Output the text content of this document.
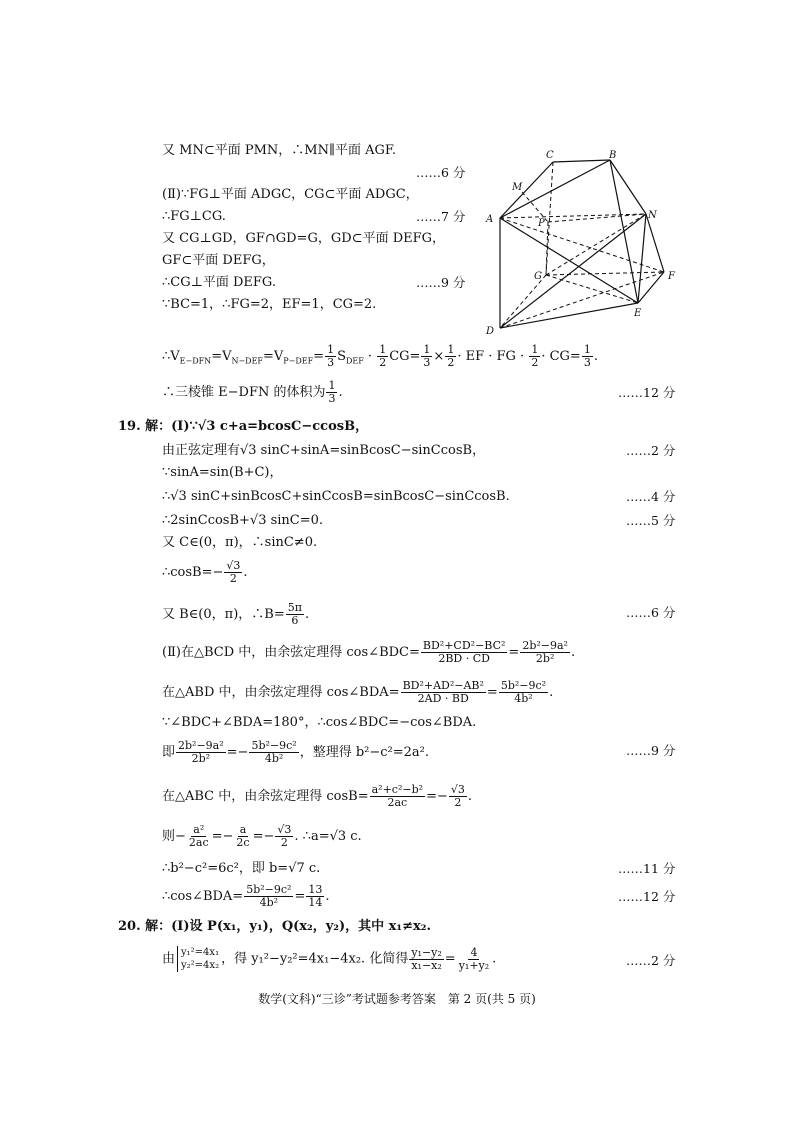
又 MN⊂平面 PMN，∴MN∥平面 AGF.
……6 分
(Ⅱ)∵FG⊥平面 ADGC，CG⊂平面 ADGC，
∴FG⊥CG.	……7 分
又 CG⊥GD，GF∩GD=G，GD⊂平面 DEFG，
GF⊂平面 DEFG，
∴CG⊥平面 DEFG.	……9 分
∵BC=1，∴FG=2，EF=1，CG=2.
$\therefore V_{E-DFN}=V_{N-DEF}=V_{P-DEF}= \frac{1}{3} S_{DEF} \cdot \frac{1}{2} CG= \frac{1}{3} \times \frac{1}{2}$ · EF · FG · $\frac{1}{2} \cdot CG= \frac{1}{3}$ .
∴三棱锥 E−DFN 的体积为 $\frac{1}{3}$ .	……12 分
C	B
M
A	P
N
G	F
E
D
19. 解：(Ⅰ)∵√3 c+a=bcosC−ccosB，
由正弦定理有√3 sinC+sinA=sinBcosC−sinCcosB，	……2 分
∵sinA=sin(B+C)，
∴√3 sinC+sinBcosC+sinCcosB=sinBcosC−sinCcosB.	……4 分
∴2sinCcosB+√3 sinC=0.	……5 分
又 C∈(0，π)，∴sinC≠0.
∴cosB=− $\frac{√3}{2}$ .
又 B∈(0，π)，∴B= $\frac{5\pi}{6}$ .	……6 分
(Ⅱ)在△BCD 中，由余弦定理得 cos∠BDC= $\frac{\text{BD²+CD²−BC²}}{2BD \cdot CD} = \frac{\text{2b²−9a²}}{\text{2b²}}$ .
在△ABD 中，由余弦定理得 cos∠BDA= $\frac{\text{BD²+AD²−AB²}}{2AD \cdot BD} = \frac{\text{5b²−9c²}}{\text{4b²}}$ .
∵∠BDC+∠BDA=180°，∴cos∠BDC=−cos∠BDA.
即 $\frac{\text{2b²−9a²}}{\text{2b²}} =- \frac{\text{5b²−9c²}}{\text{4b²}}$ ，整理得 b²−c²=2a².	……9 分
在△ABC 中，由余弦定理得 $\cos B= \frac{\text{a²+c²−b²}}{2ac} =- \frac{√3}{2}$ .
则− $\frac{\text{a²}}{2ac} =- \frac{a}{2c} =- \frac{√3}{2}$ . ∴a=√3 c.
∴b²−c²=6c²，即 b=√7 c.	……11 分
∴cos∠BDA= $\frac{\text{5b²−9c²}}{\text{4b²}} = \frac{13}{14}$ .	……12 分
20. 解：(Ⅰ)设 P(x₁，y₁)，Q(x₂，y₂)，其中 x₁≠x₂.
由 y₁²=4x₁
y₂²=4x₂ ，得 y₁²−y₂²=4x₁−4x₂. 化简得 $\frac{\text{y₁−y₂}}{\text{x₁−x₂}} = \frac{4}{\text{y₁+y₂}}$ .	……2 分
数学(文科)“三诊”考试题参考答案　第 2 页(共 5 页)
